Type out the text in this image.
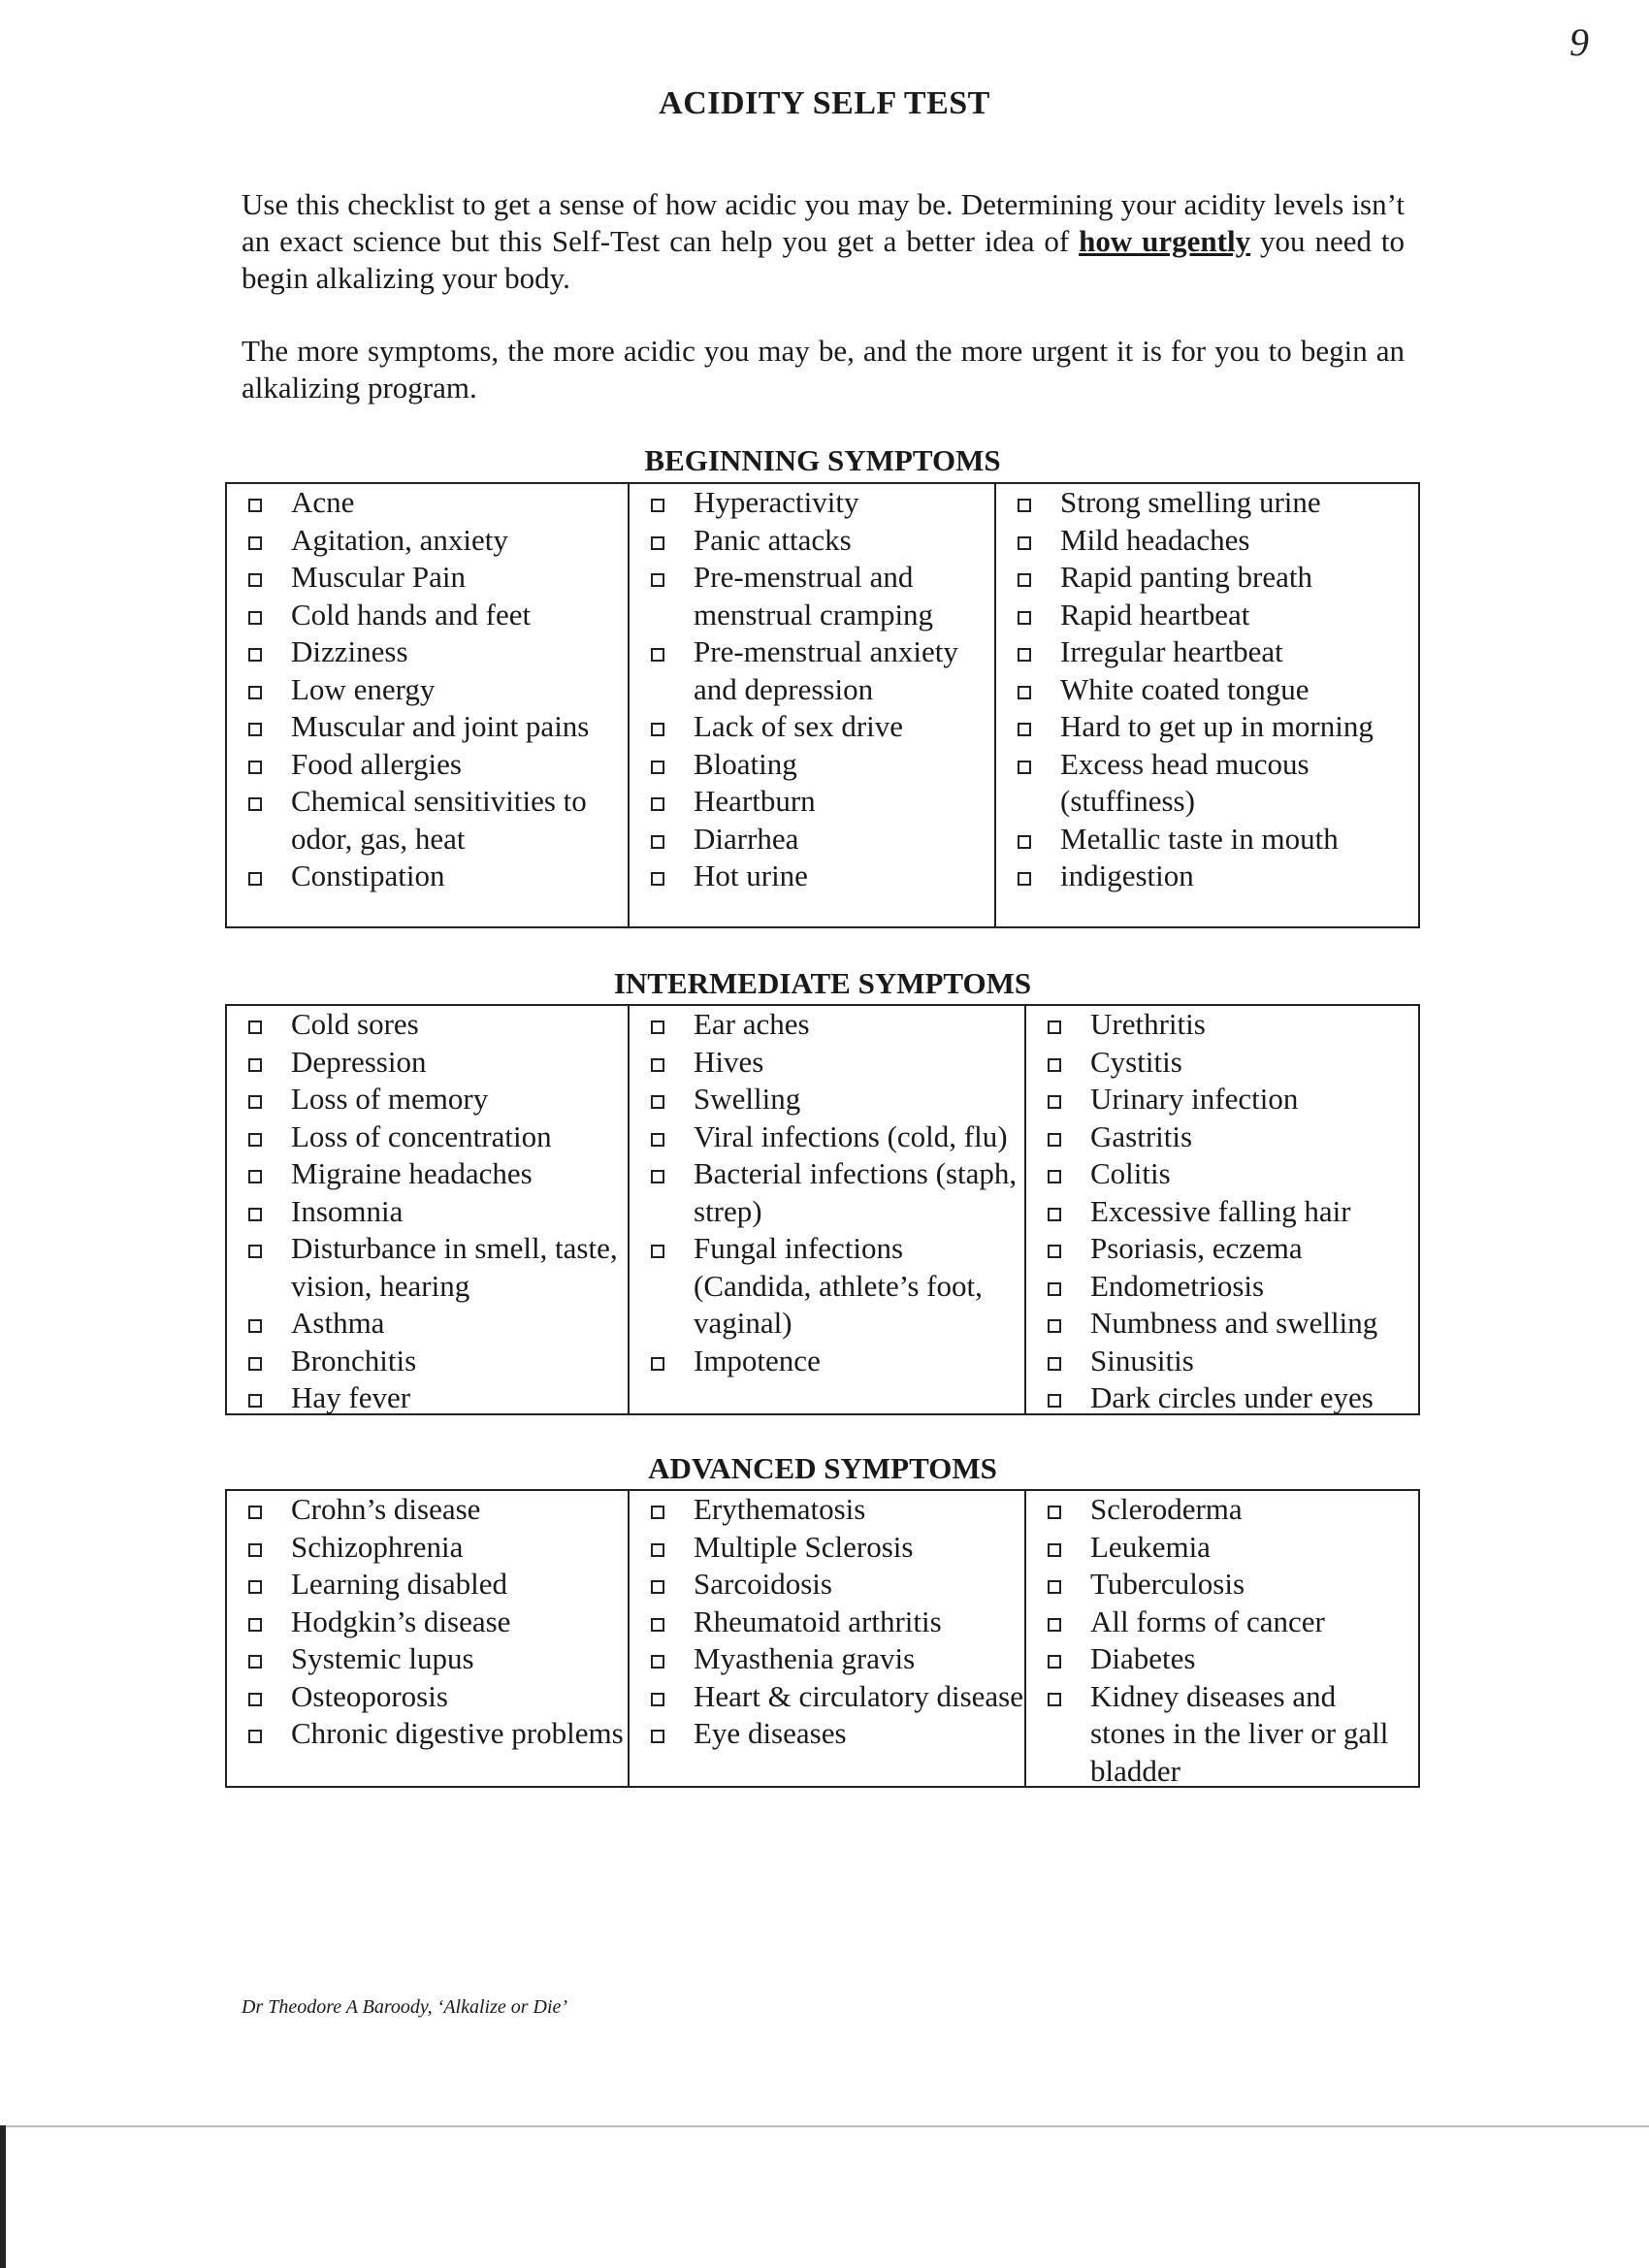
9
ACIDITY SELF TEST
Use this checklist to get a sense of how acidic you may be. Determining your acidity levels isn’t an exact science but this Self-Test can help you get a better idea of how urgently you need to begin alkalizing your body.
The more symptoms, the more acidic you may be, and the more urgent it is for you to begin an alkalizing program.
BEGINNING SYMPTOMS
Acne
Agitation, anxiety
Muscular Pain
Cold hands and feet
Dizziness
Low energy
Muscular and joint pains
Food allergies
Chemical sensitivities to odor, gas, heat
Constipation
Hyperactivity
Panic attacks
Pre-menstrual and menstrual cramping
Pre-menstrual anxiety and depression
Lack of sex drive
Bloating
Heartburn
Diarrhea
Hot urine
Strong smelling urine
Mild headaches
Rapid panting breath
Rapid heartbeat
Irregular heartbeat
White coated tongue
Hard to get up in morning
Excess head mucous (stuffiness)
Metallic taste in mouth
indigestion
INTERMEDIATE SYMPTOMS
Cold sores
Depression
Loss of memory
Loss of concentration
Migraine headaches
Insomnia
Disturbance in smell, taste, vision, hearing
Asthma
Bronchitis
Hay fever
Ear aches
Hives
Swelling
Viral infections (cold, flu)
Bacterial infections (staph, strep)
Fungal infections (Candida, athlete’s foot, vaginal)
Impotence
Urethritis
Cystitis
Urinary infection
Gastritis
Colitis
Excessive falling hair
Psoriasis, eczema
Endometriosis
Numbness and swelling
Sinusitis
Dark circles under eyes
ADVANCED SYMPTOMS
Crohn’s disease
Schizophrenia
Learning disabled
Hodgkin’s disease
Systemic lupus
Osteoporosis
Chronic digestive problems
Erythematosis
Multiple Sclerosis
Sarcoidosis
Rheumatoid arthritis
Myasthenia gravis
Heart & circulatory disease
Eye diseases
Scleroderma
Leukemia
Tuberculosis
All forms of cancer
Diabetes
Kidney diseases and stones in the liver or gall bladder
Dr Theodore A Baroody, ‘Alkalize or Die’
